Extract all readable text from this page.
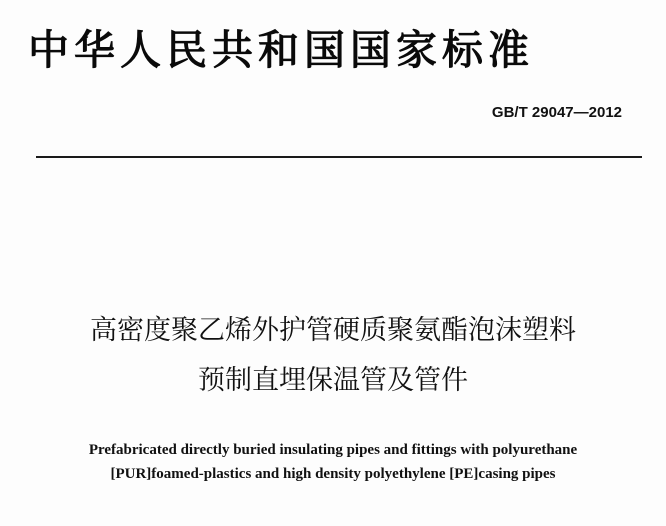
中华人民共和国国家标准
GB/T 29047—2012
高密度聚乙烯外护管硬质聚氨酯泡沫塑料
预制直埋保温管及管件
Prefabricated directly buried insulating pipes and fittings with polyurethane
[PUR]foamed-plastics and high density polyethylene [PE]casing pipes
